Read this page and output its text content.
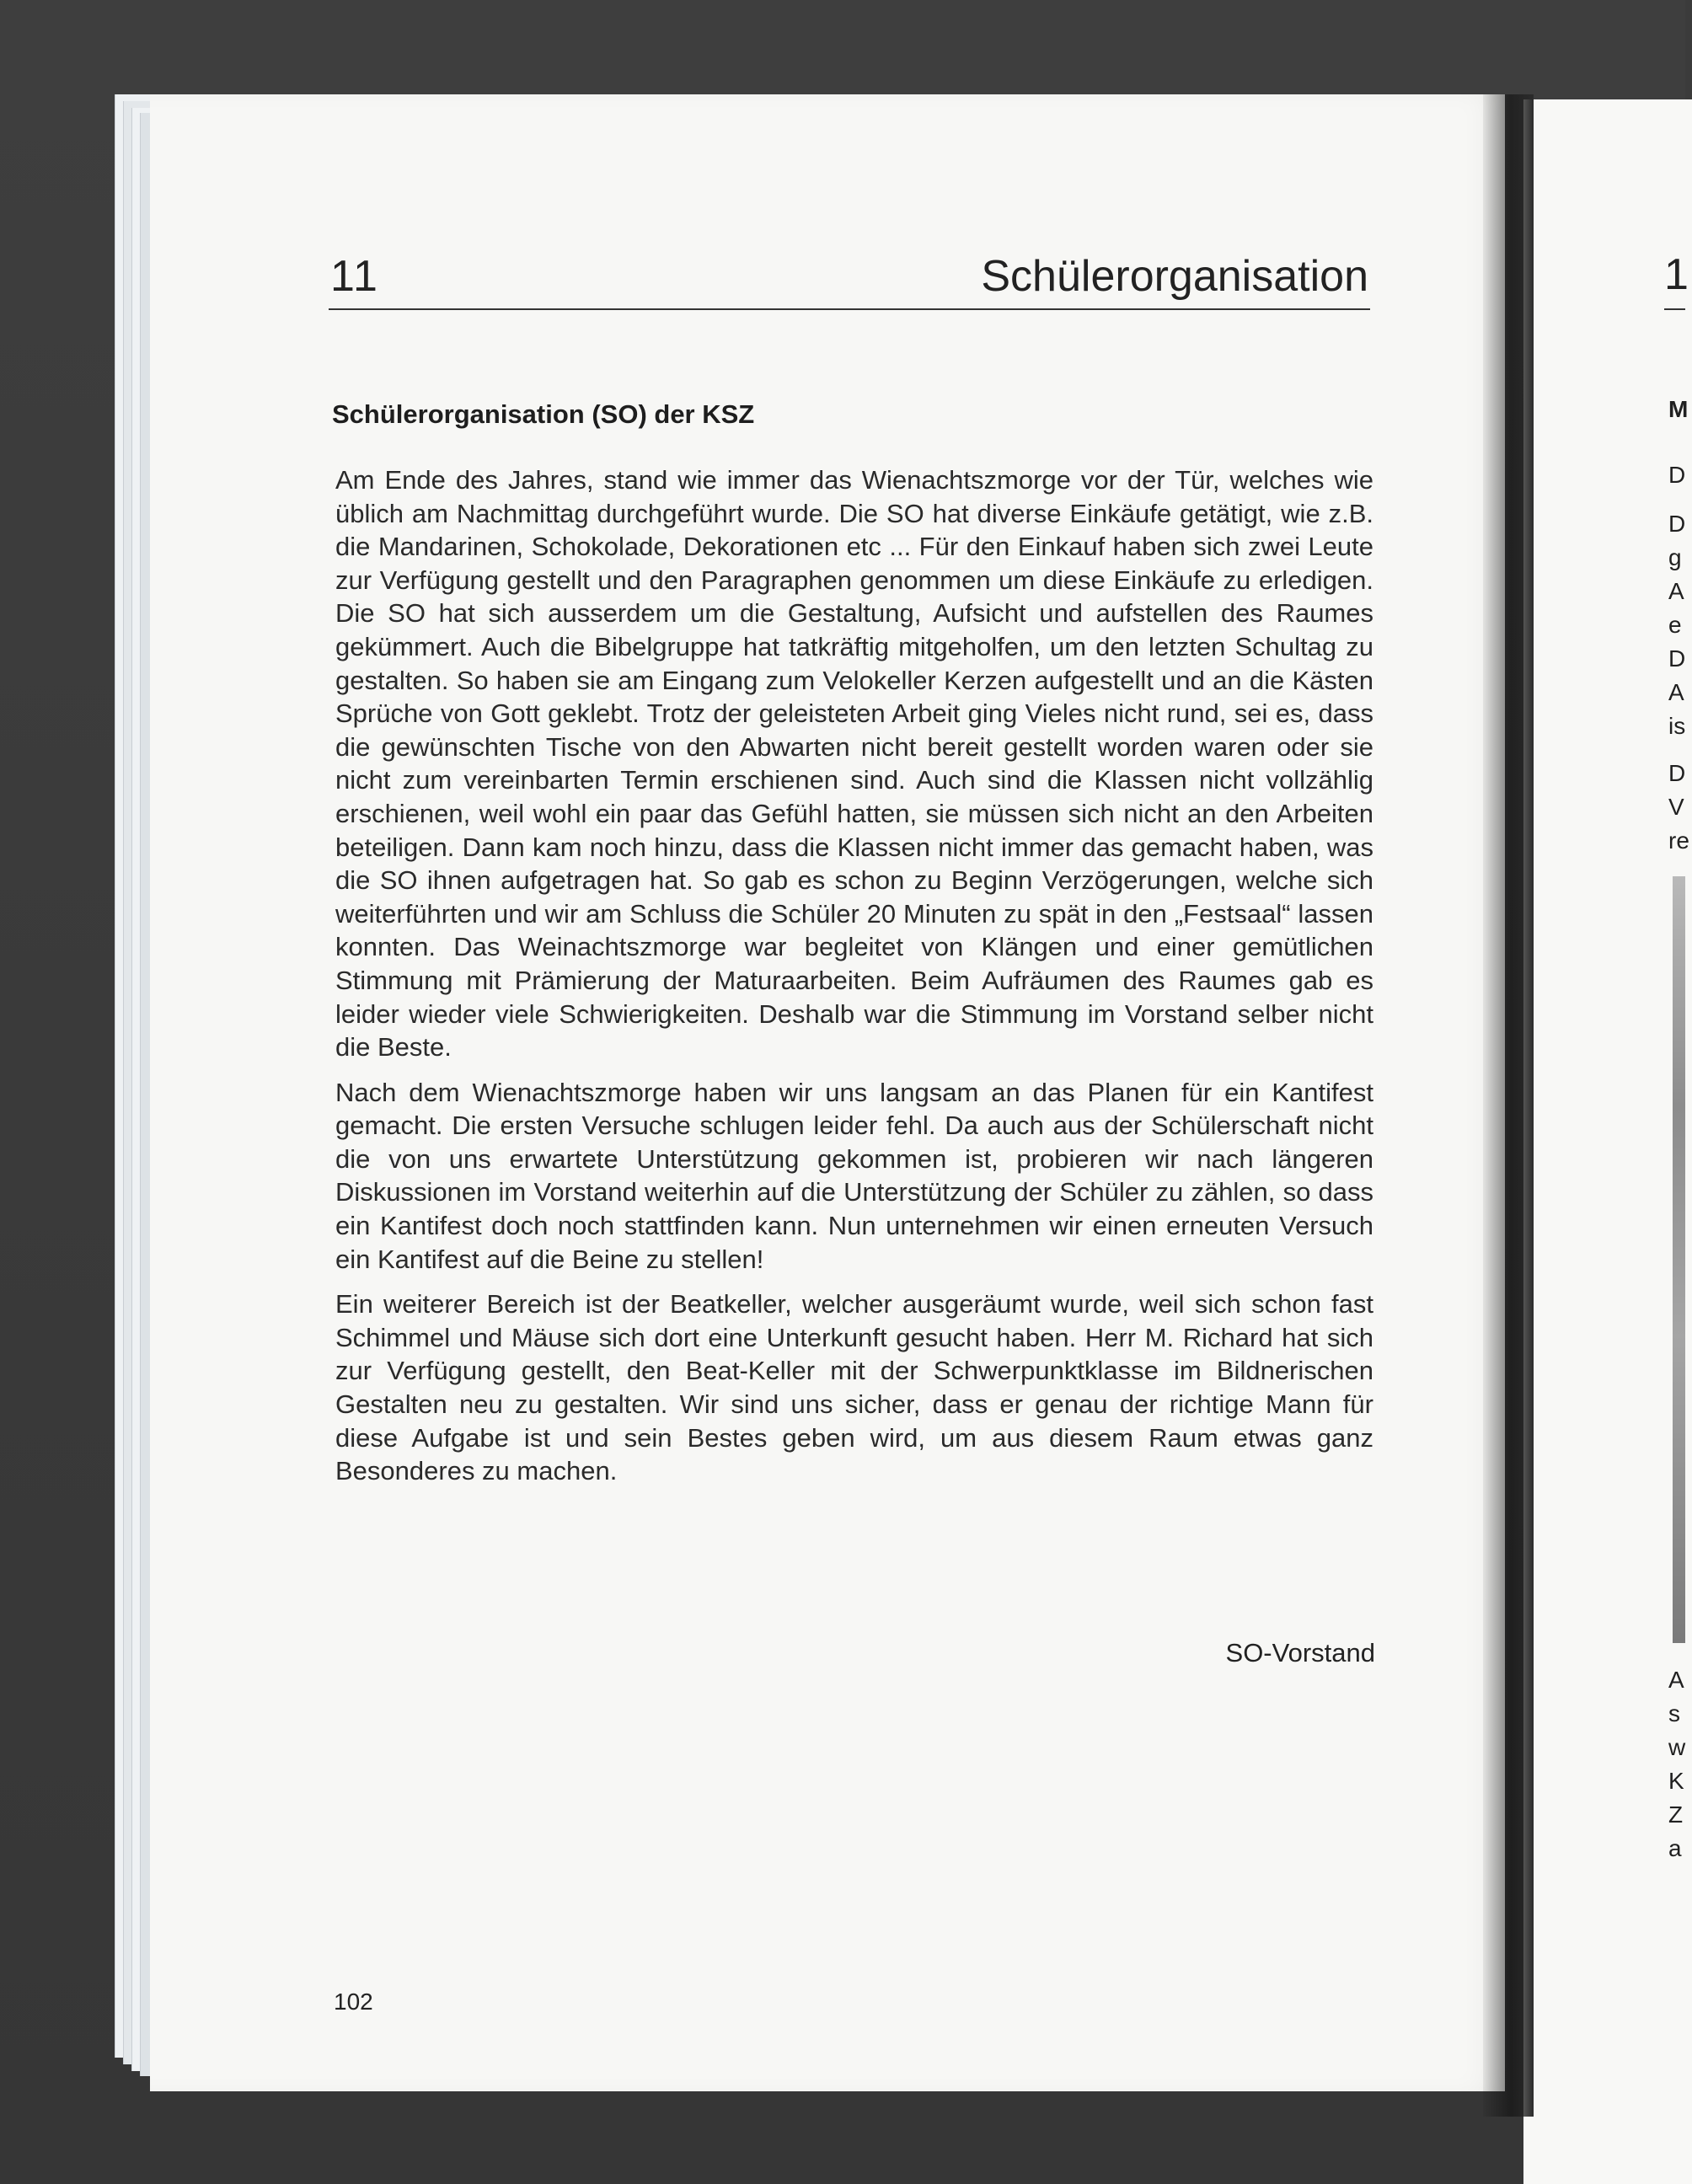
11	Schülerorganisation
Schülerorganisation (SO) der KSZ

Am Ende des Jahres, stand wie immer das Wienachtszmorge vor der Tür, welches wie üblich am Nachmittag durchgeführt wurde. Die SO hat diverse Einkäufe getätigt, wie z.B. die Mandarinen, Schokolade, Dekorationen etc ... Für den Einkauf haben sich zwei Leute zur Verfügung gestellt und den Paragraphen genommen um diese Einkäufe zu erledigen. Die SO hat sich ausserdem um die Gestaltung, Aufsicht und aufstellen des Raumes gekümmert. Auch die Bibelgruppe hat tatkräftig mitgeholfen, um den letzten Schultag zu gestalten. So haben sie am Eingang zum Velokeller Kerzen aufgestellt und an die Kästen Sprüche von Gott geklebt. Trotz der geleisteten Arbeit ging Vieles nicht rund, sei es, dass die gewünschten Tische von den Abwarten nicht bereit gestellt worden waren oder sie nicht zum vereinbarten Termin erschienen sind. Auch sind die Klassen nicht vollzählig erschienen, weil wohl ein paar das Gefühl hatten, sie müssen sich nicht an den Arbeiten beteiligen. Dann kam noch hinzu, dass die Klassen nicht immer das gemacht haben, was die SO ihnen aufgetragen hat. So gab es schon zu Beginn Verzögerungen, welche sich weiterführten und wir am Schluss die Schüler 20 Minuten zu spät in den „Festsaal“ lassen konnten. Das Weinachtszmorge war begleitet von Klängen und einer gemütlichen Stimmung mit Prämierung der Maturaarbeiten. Beim Aufräumen des Raumes gab es leider wieder viele Schwierigkeiten. Deshalb war die Stimmung im Vorstand selber nicht die Beste.

Nach dem Wienachtszmorge haben wir uns langsam an das Planen für ein Kantifest gemacht. Die ersten Versuche schlugen leider fehl. Da auch aus der Schülerschaft nicht die von uns erwartete Unterstützung gekommen ist, probieren wir nach längeren Diskussionen im Vorstand weiterhin auf die Unterstützung der Schüler zu zählen, so dass ein Kantifest doch noch stattfinden kann. Nun unternehmen wir einen erneuten Versuch ein Kantifest auf die Beine zu stellen!

Ein weiterer Bereich ist der Beatkeller, welcher ausgeräumt wurde, weil sich schon fast Schimmel und Mäuse sich dort eine Unterkunft gesucht haben. Herr M. Richard hat sich zur Verfügung gestellt, den Beat-Keller mit der Schwerpunktklasse im Bildnerischen Gestalten neu zu gestalten. Wir sind uns sicher, dass er genau der richtige Mann für diese Aufgabe ist und sein Bestes geben wird, um aus diesem Raum etwas ganz Besonderes zu machen.

SO-Vorstand
102
1
M
D
D
g
A
e
D
A
is
D
V
re
A
s
w
K
Z
a
